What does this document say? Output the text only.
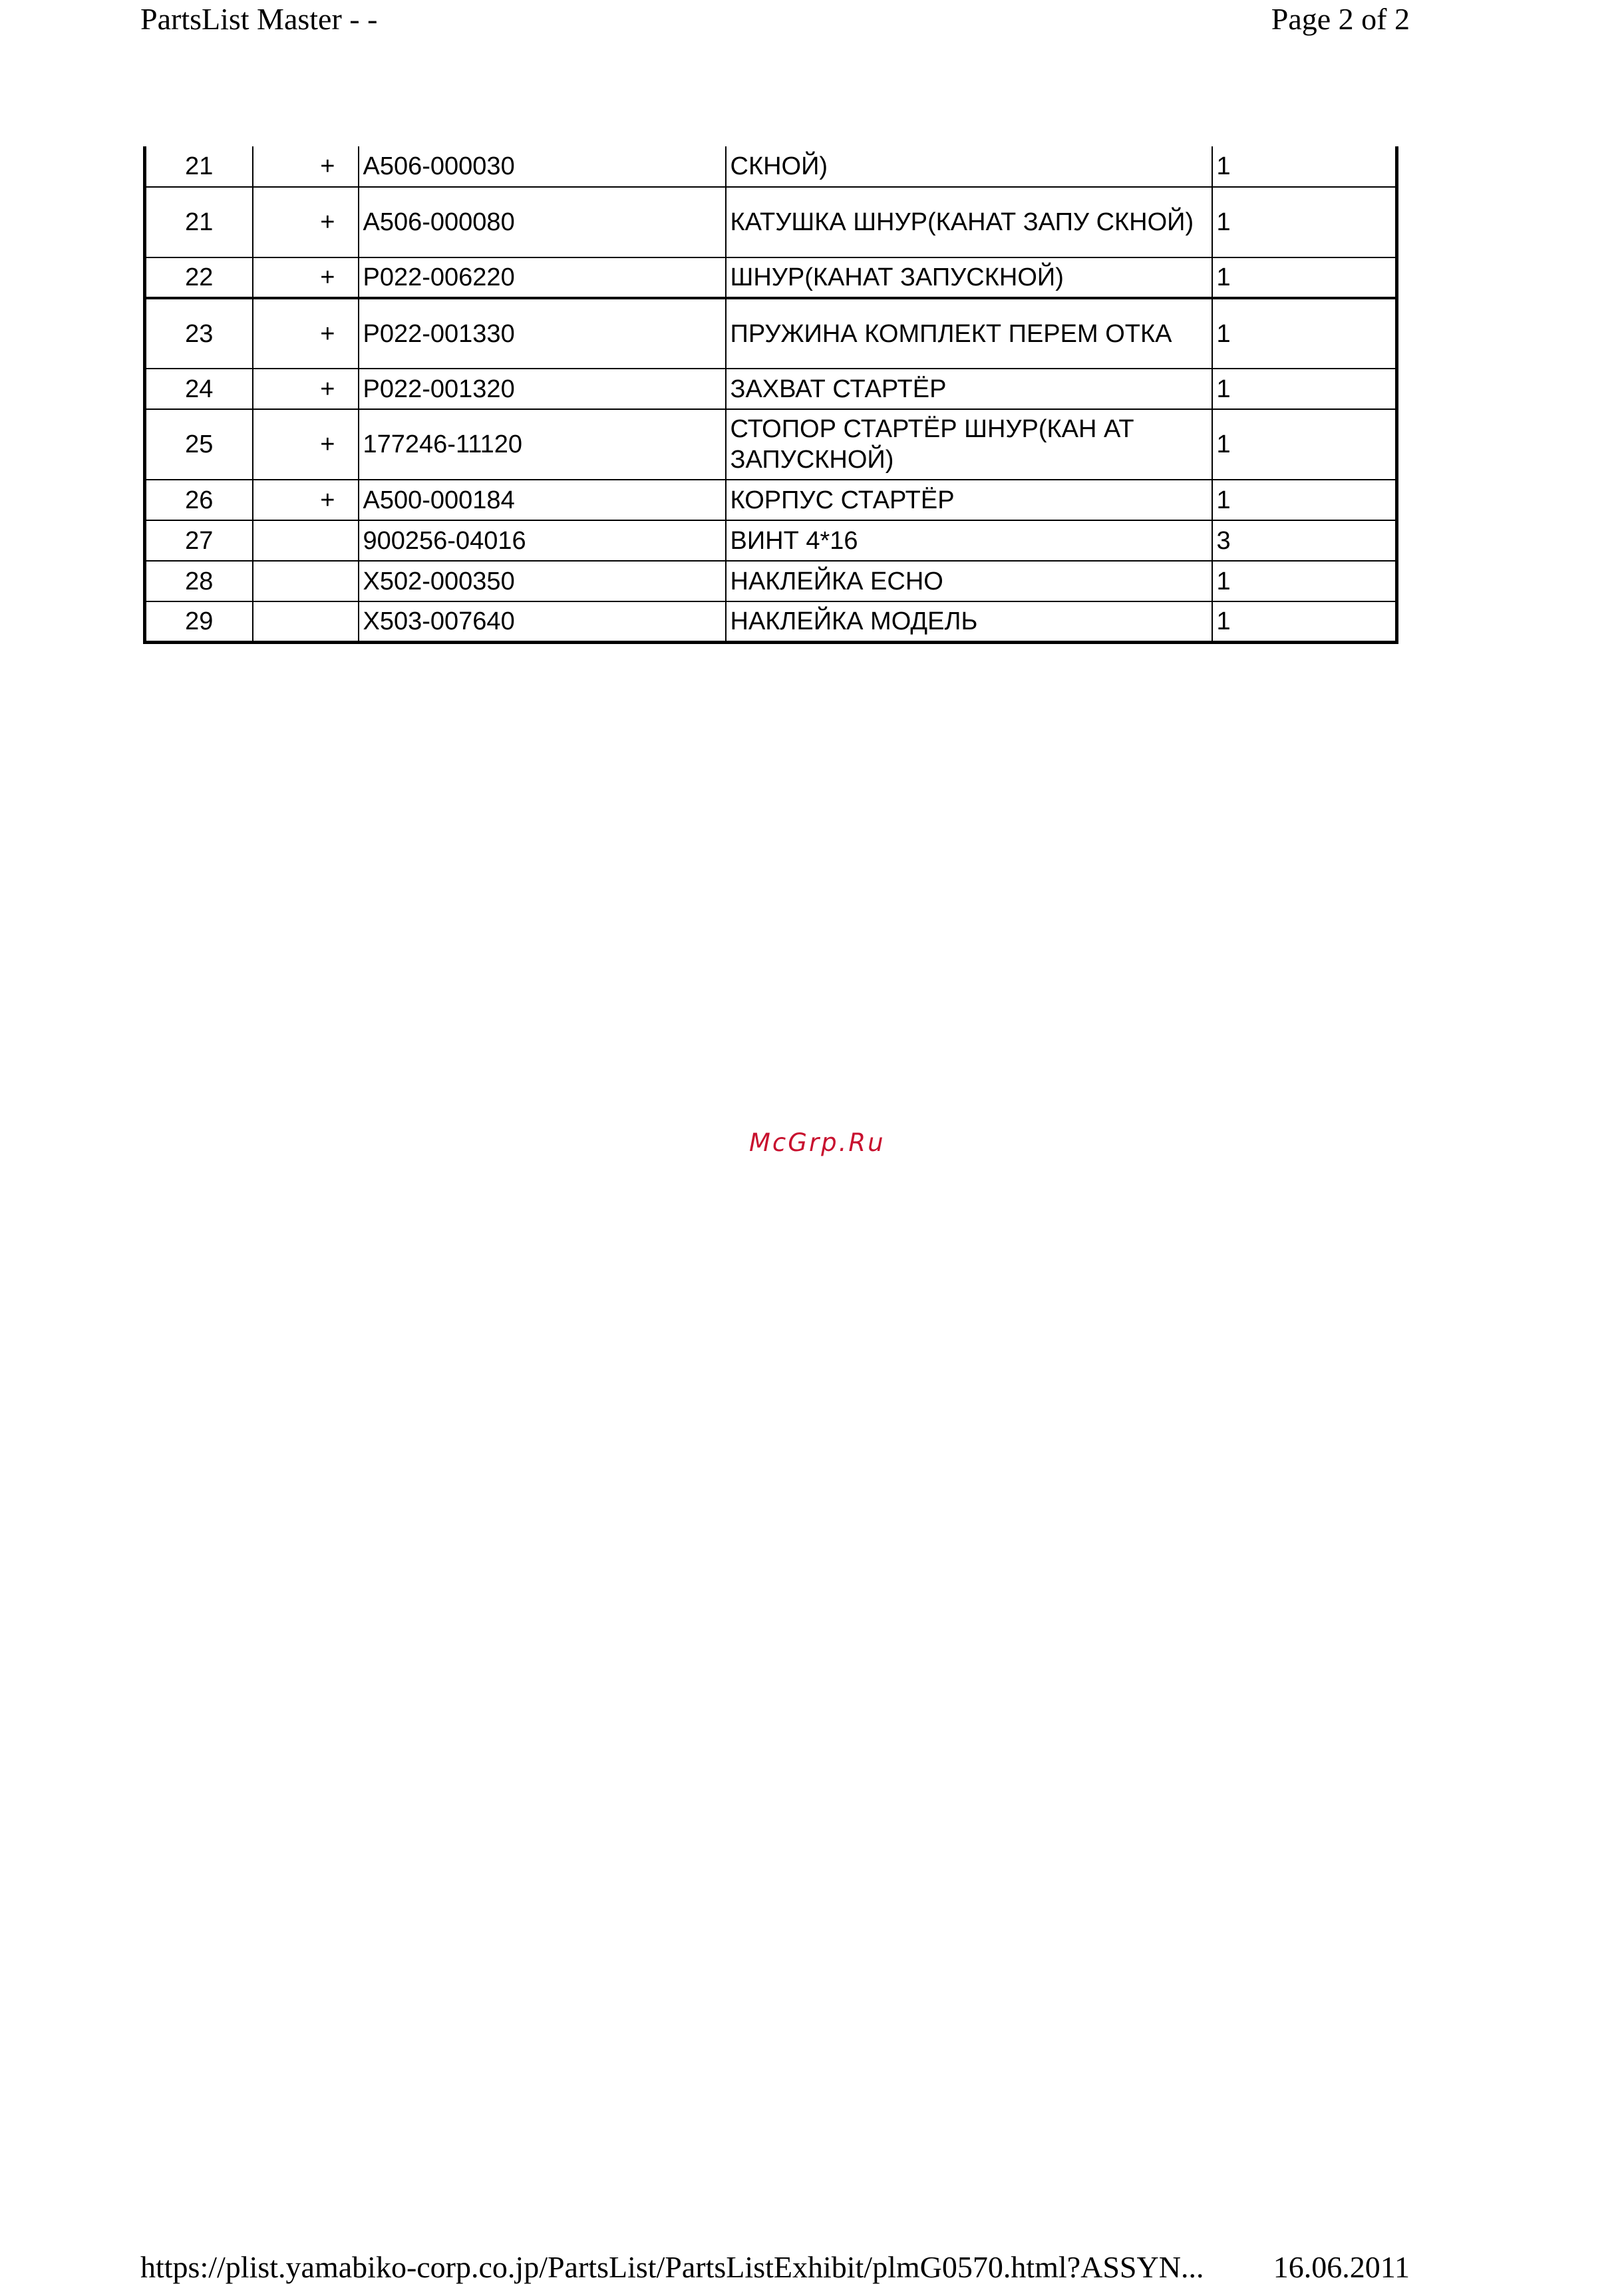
PartsList Master - -	Page 2 of 2
21	+	A506-000030	СКНОЙ)	1
21	+	A506-000080	КАТУШКА ШНУР(КАНАТ ЗАПУ СКНОЙ)	1
22	+	P022-006220	ШНУР(КАНАТ ЗАПУСКНОЙ)	1
23	+	P022-001330	ПРУЖИНА КОМПЛЕКТ ПЕРЕМ ОТКА	1
24	+	P022-001320	ЗАХВАТ СТАРТЁР	1
25	+	177246-11120	СТОПОР СТАРТЁР ШНУР(КАН АТ ЗАПУСКНОЙ)	1
26	+	A500-000184	КОРПУС СТАРТЁР	1
27		900256-04016	ВИНТ 4*16	3
28		X502-000350	НАКЛЕЙКА ECHO	1
29		X503-007640	НАКЛЕЙКА МОДЕЛЬ	1
McGrp.Ru
https://plist.yamabiko-corp.co.jp/PartsList/PartsListExhibit/plmG0570.html?ASSYN... 16.06.2011
